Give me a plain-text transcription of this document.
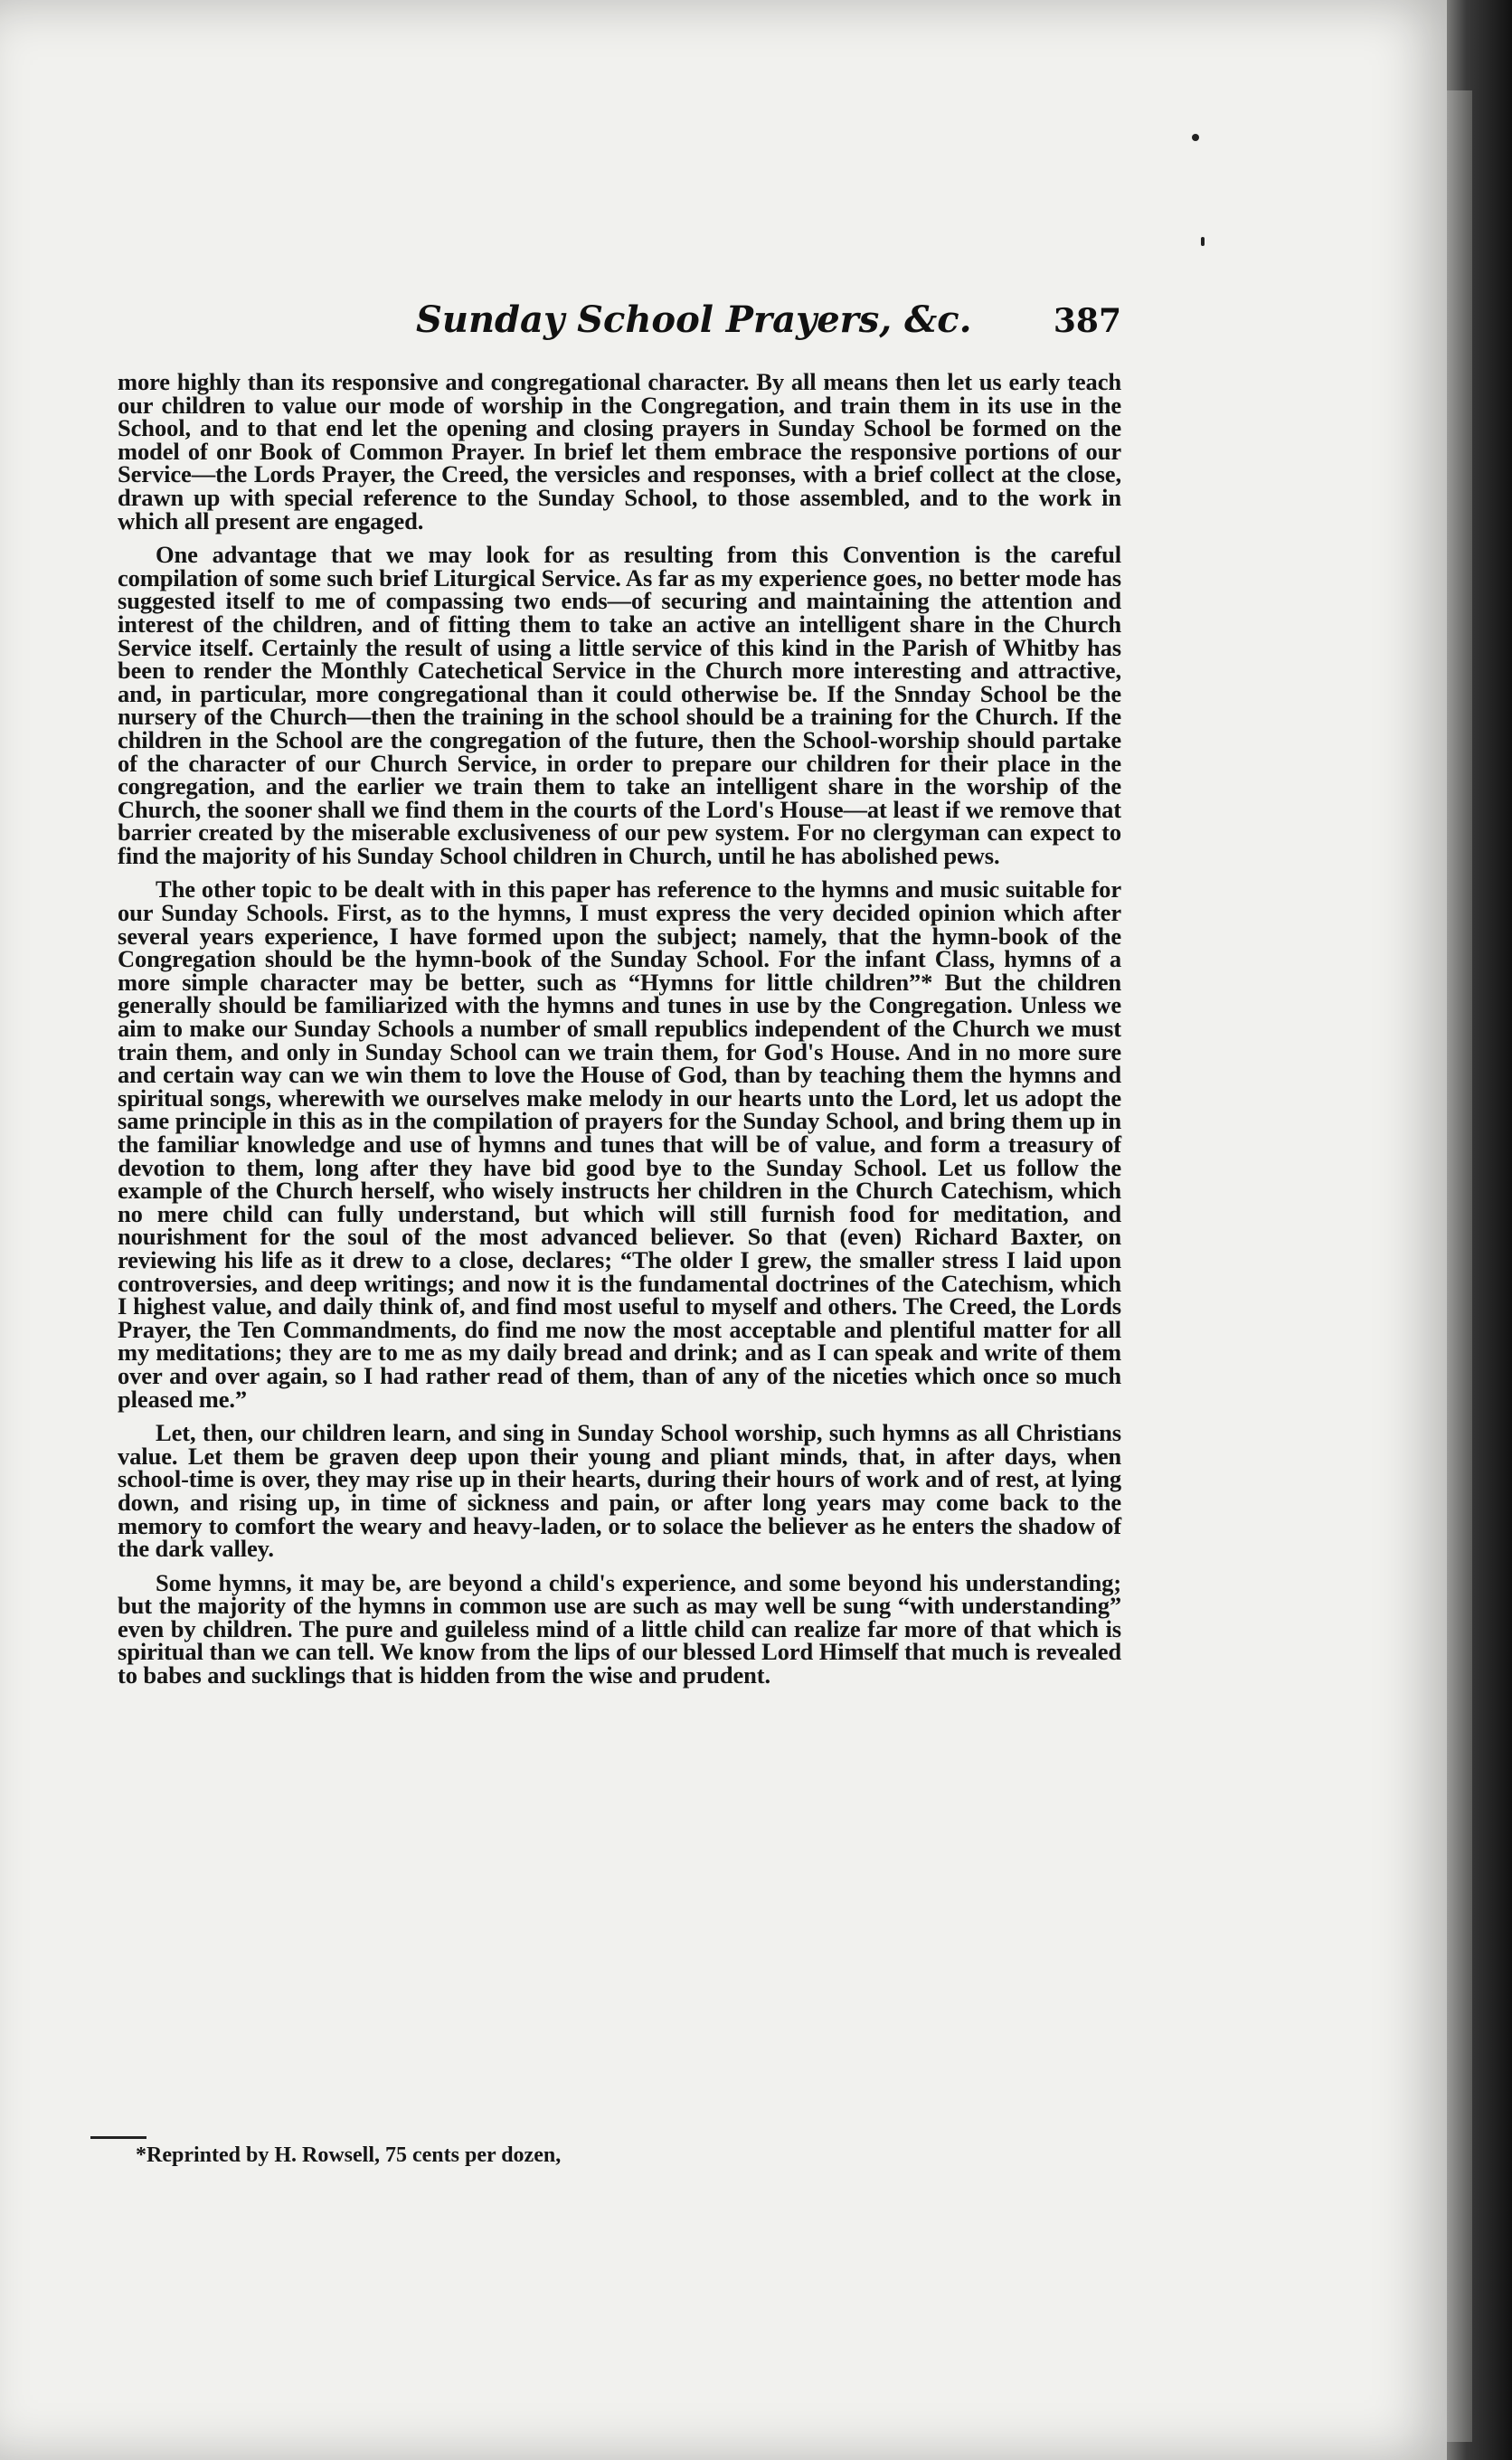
Sunday School Prayers, &c.	387

more highly than its responsive and congregational character. By all means then let us early teach our children to value our mode of worship in the Congregation, and train them in its use in the School, and to that end let the opening and closing prayers in Sunday School be formed on the model of onr Book of Common Prayer. In brief let them embrace the responsive portions of our Service—the Lords Prayer, the Creed, the versicles and responses, with a brief collect at the close, drawn up with special reference to the Sunday School, to those assembled, and to the work in which all present are engaged.

One advantage that we may look for as resulting from this Convention is the careful compilation of some such brief Liturgical Service. As far as my experience goes, no better mode has suggested itself to me of compassing two ends—of securing and maintaining the attention and interest of the children, and of fitting them to take an active an intelligent share in the Church Service itself. Certainly the result of using a little service of this kind in the Parish of Whitby has been to render the Monthly Catechetical Service in the Church more interesting and attractive, and, in particular, more congregational than it could otherwise be. If the Snnday School be the nursery of the Church—then the training in the school should be a training for the Church. If the children in the School are the congregation of the future, then the School-worship should partake of the character of our Church Service, in order to prepare our children for their place in the congregation, and the earlier we train them to take an intelligent share in the worship of the Church, the sooner shall we find them in the courts of the Lord's House—at least if we remove that barrier created by the miserable exclusiveness of our pew system. For no clergyman can expect to find the majority of his Sunday School children in Church, until he has abolished pews.

The other topic to be dealt with in this paper has reference to the hymns and music suitable for our Sunday Schools. First, as to the hymns, I must express the very decided opinion which after several years experience, I have formed upon the subject; namely, that the hymn-book of the Congregation should be the hymn-book of the Sunday School. For the infant Class, hymns of a more simple character may be better, such as “Hymns for little children”* But the children generally should be familiarized with the hymns and tunes in use by the Congregation. Unless we aim to make our Sunday Schools a number of small republics independent of the Church we must train them, and only in Sunday School can we train them, for God's House. And in no more sure and certain way can we win them to love the House of God, than by teaching them the hymns and spiritual songs, wherewith we ourselves make melody in our hearts unto the Lord, let us adopt the same principle in this as in the compilation of prayers for the Sunday School, and bring them up in the familiar knowledge and use of hymns and tunes that will be of value, and form a treasury of devotion to them, long after they have bid good bye to the Sunday School. Let us follow the example of the Church herself, who wisely instructs her children in the Church Catechism, which no mere child can fully understand, but which will still furnish food for meditation, and nourishment for the soul of the most advanced believer. So that (even) Richard Baxter, on reviewing his life as it drew to a close, declares; “The older I grew, the smaller stress I laid upon controversies, and deep writings; and now it is the fundamental doctrines of the Catechism, which I highest value, and daily think of, and find most useful to myself and others. The Creed, the Lords Prayer, the Ten Commandments, do find me now the most acceptable and plentiful matter for all my meditations; they are to me as my daily bread and drink; and as I can speak and write of them over and over again, so I had rather read of them, than of any of the niceties which once so much pleased me.”

Let, then, our children learn, and sing in Sunday School worship, such hymns as all Christians value. Let them be graven deep upon their young and pliant minds, that, in after days, when school-time is over, they may rise up in their hearts, during their hours of work and of rest, at lying down, and rising up, in time of sickness and pain, or after long years may come back to the memory to comfort the weary and heavy-laden, or to solace the believer as he enters the shadow of the dark valley.

Some hymns, it may be, are beyond a child's experience, and some beyond his understanding; but the majority of the hymns in common use are such as may well be sung “with understanding” even by children. The pure and guileless mind of a little child can realize far more of that which is spiritual than we can tell. We know from the lips of our blessed Lord Himself that much is revealed to babes and sucklings that is hidden from the wise and prudent.

*Reprinted by H. Rowsell, 75 cents per dozen,
